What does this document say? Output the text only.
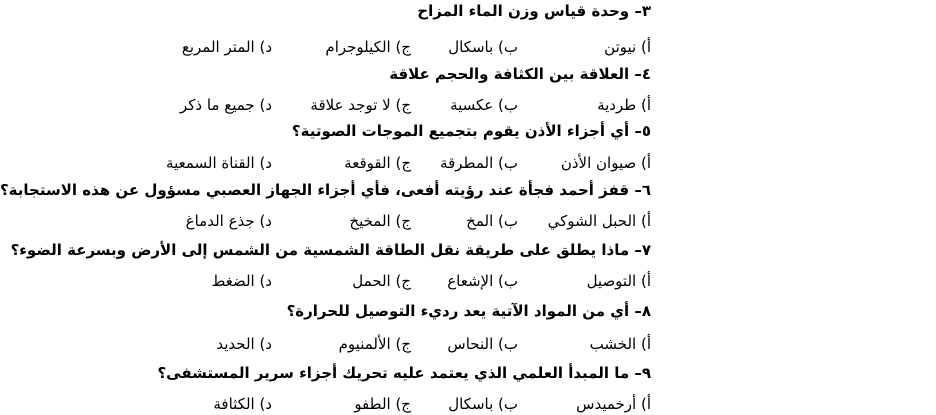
٣– وحدة قياس وزن الماء المزاح
أ) نيوتن
ب) باسكال
ج) الكيلوجرام
د) المتر المربع
٤– العلاقة بين الكثافة والحجم علاقة
أ) طردية
ب) عكسية
ج) لا توجد علاقة
د) جميع ما ذكر
٥– أي أجزاء الأذن يقوم بتجميع الموجات الصوتية؟
أ) صيوان الأذن
ب) المطرقة
ج) القوقعة
د) القناة السمعية
٦– قفز أحمد فجأة عند رؤيته أفعى، فأي أجزاء الجهاز العصبي مسؤول عن هذه الاستجابة؟
أ) الحبل الشوكي
ب) المخ
ج) المخيخ
د) جذع الدماغ
٧– ماذا يطلق على طريقة نقل الطاقة الشمسية من الشمس إلى الأرض وبسرعة الضوء؟
أ) التوصيل
ب) الإشعاع
ج) الحمل
د) الضغط
٨– أي من المواد الآتية يعد رديء التوصيل للحرارة؟
أ) الخشب
ب) النحاس
ج) الألمنيوم
د) الحديد
٩– ما المبدأ العلمي الذي يعتمد عليه تحريك أجزاء سرير المستشفى؟
أ) أرخميدس
ب) باسكال
ج) الطفو
د) الكثافة
